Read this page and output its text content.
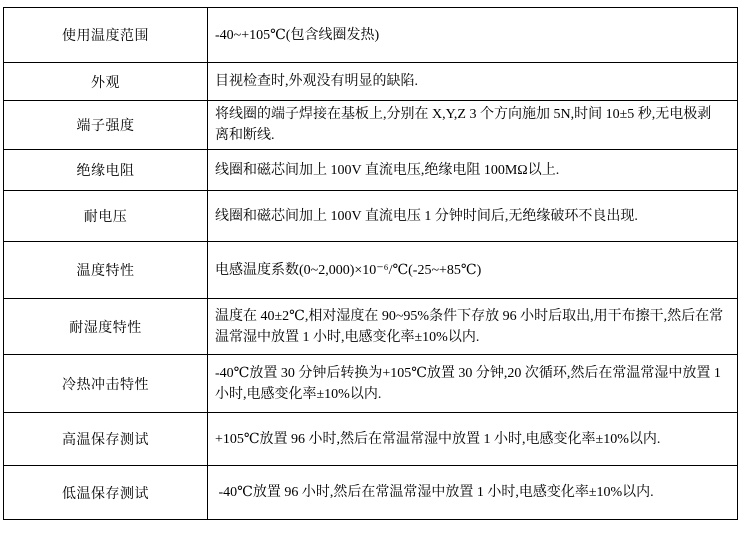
使用温度范围	-40~+105℃(包含线圈发热)
外观	目视检查时,外观没有明显的缺陷.
端子强度	将线圈的端子焊接在基板上,分别在 X,Y,Z 3 个方向施加 5N,时间 10±5 秒,无电极剥离和断线.
绝缘电阻	线圈和磁芯间加上 100V 直流电压,绝缘电阻 100MΩ以上.
耐电压	线圈和磁芯间加上 100V 直流电压 1 分钟时间后,无绝缘破环不良出现.
温度特性	电感温度系数(0~2,000)×10⁻⁶/℃(-25~+85℃)
耐湿度特性	温度在 40±2℃,相对湿度在 90~95%条件下存放 96 小时后取出,用干布擦干,然后在常温常湿中放置 1 小时,电感变化率±10%以内.
冷热冲击特性	-40℃放置 30 分钟后转换为+105℃放置 30 分钟,20 次循环,然后在常温常湿中放置 1 小时,电感变化率±10%以内.
高温保存测试	+105℃放置 96 小时,然后在常温常湿中放置 1 小时,电感变化率±10%以内.
低温保存测试	-40℃放置 96 小时,然后在常温常湿中放置 1 小时,电感变化率±10%以内.
